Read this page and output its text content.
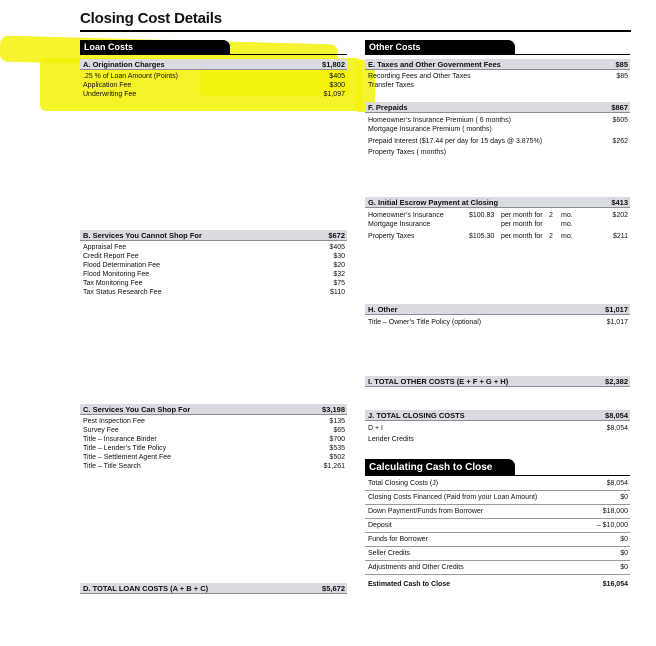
Closing Cost Details
Loan Costs
A. Origination Charges	$1,802
.25 % of Loan Amount (Points)	$405
Application Fee	$300
Underwriting Fee	$1,097
B. Services You Cannot Shop For	$672
Appraisal Fee	$405
Credit Report Fee	$30
Flood Determination Fee	$20
Flood Monitoring Fee	$32
Tax Monitoring Fee	$75
Tax Status Research Fee	$110
C. Services You Can Shop For	$3,198
Pest Inspection Fee	$135
Survey Fee	$65
Title – Insurance Binder	$700
Title – Lender’s Title Policy	$535
Title – Settlement Agent Fee	$502
Title – Title Search	$1,261
D. TOTAL LOAN COSTS (A + B + C)	$5,672
Other Costs
E. Taxes and Other Government Fees	$85
Recording Fees and Other Taxes	$85
Transfer Taxes
F. Prepaids	$867
Homeowner’s Insurance Premium ( 6 months)	$605
Mortgage Insurance Premium ( months)
Prepaid Interest ($17.44 per day for 15 days @ 3.875%)	$262
Property Taxes ( months)
G. Initial Escrow Payment at Closing	$413
Homeowner’s Insurance	$100.83 per month for 2 mo.	$202
Mortgage Insurance	per month for	mo.
Property Taxes	$105.30 per month for 2 mo.	$211
H. Other	$1,017
Title – Owner’s Title Policy (optional)	$1,017
I. TOTAL OTHER COSTS (E + F + G + H)	$2,382
J. TOTAL CLOSING COSTS	$8,054
D + I	$8,054
Lender Credits
Calculating Cash to Close
Total Closing Costs (J)	$8,054
Closing Costs Financed (Paid from your Loan Amount)	$0
Down Payment/Funds from Borrower	$18,000
Deposit	– $10,000
Funds for Borrower	$0
Seller Credits	$0
Adjustments and Other Credits	$0
Estimated Cash to Close	$16,054
